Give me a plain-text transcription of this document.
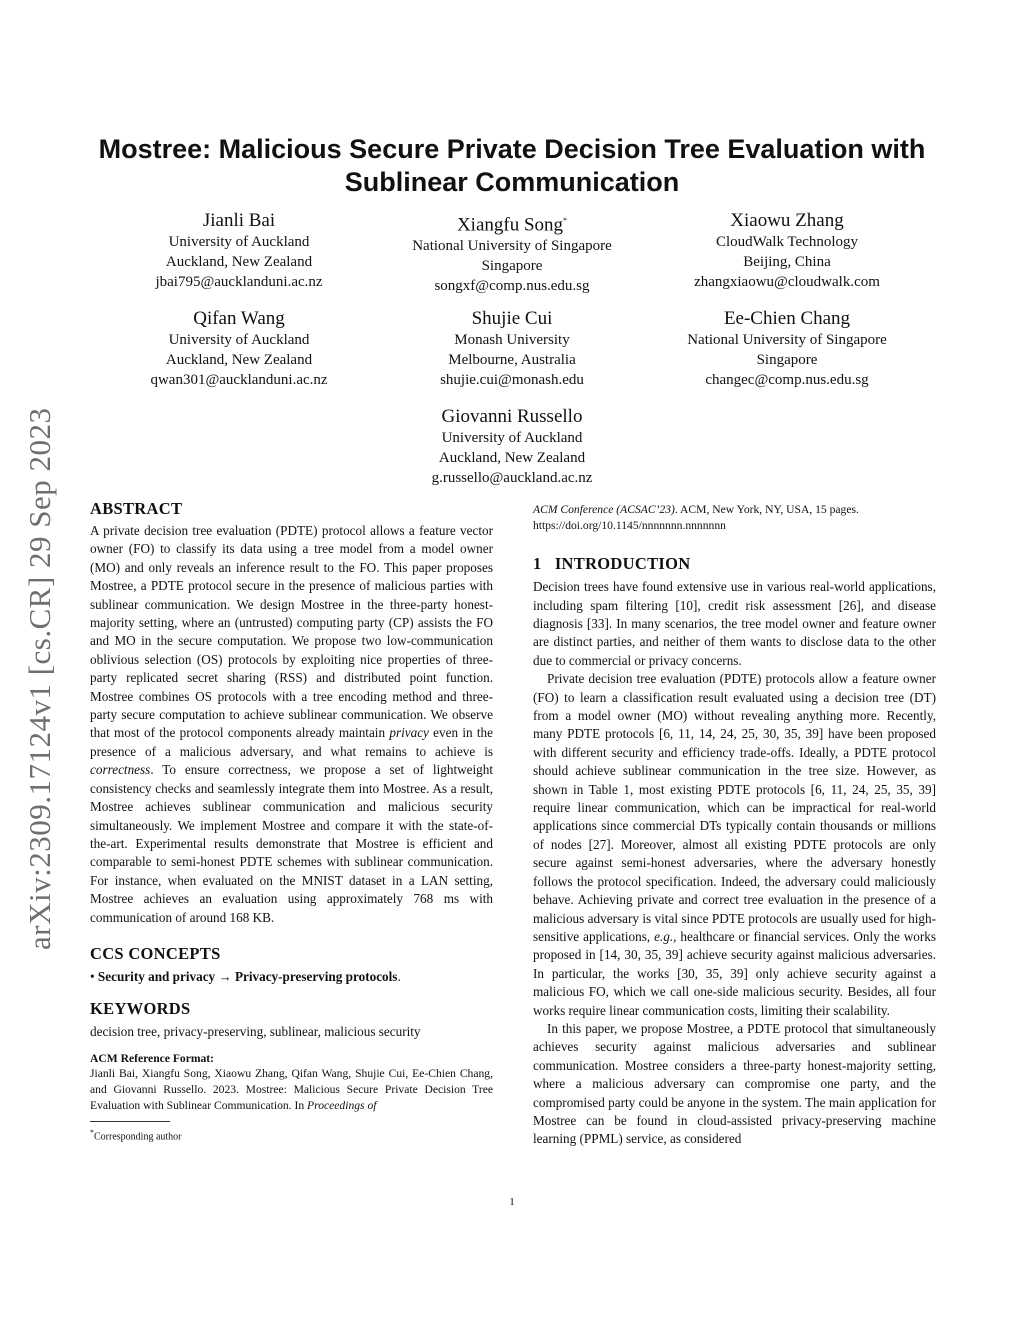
arXiv:2309.17124v1 [cs.CR] 29 Sep 2023
Mostree: Malicious Secure Private Decision Tree Evaluation with Sublinear Communication
Jianli Bai
University of Auckland
Auckland, New Zealand
jbai795@aucklanduni.ac.nz
Xiangfu Song*
National University of Singapore
Singapore
songxf@comp.nus.edu.sg
Xiaowu Zhang
CloudWalk Technology
Beijing, China
zhangxiaowu@cloudwalk.com
Qifan Wang
University of Auckland
Auckland, New Zealand
qwan301@aucklanduni.ac.nz
Shujie Cui
Monash University
Melbourne, Australia
shujie.cui@monash.edu
Ee-Chien Chang
National University of Singapore
Singapore
changec@comp.nus.edu.sg
Giovanni Russello
University of Auckland
Auckland, New Zealand
g.russello@auckland.ac.nz
ABSTRACT

A private decision tree evaluation (PDTE) protocol allows a feature vector owner (FO) to classify its data using a tree model from a model owner (MO) and only reveals an inference result to the FO. This paper proposes Mostree, a PDTE protocol secure in the presence of malicious parties with sublinear communication. We design Mostree in the three-party honest-majority setting, where an (untrusted) computing party (CP) assists the FO and MO in the secure computation. We propose two low-communication oblivious selection (OS) protocols by exploiting nice properties of three-party replicated secret sharing (RSS) and distributed point function. Mostree combines OS protocols with a tree encoding method and three-party secure computation to achieve sublinear communication. We observe that most of the protocol components already maintain privacy even in the presence of a malicious adversary, and what remains to achieve is correctness. To ensure correctness, we propose a set of lightweight consistency checks and seamlessly integrate them into Mostree. As a result, Mostree achieves sublinear communication and malicious security simultaneously. We implement Mostree and compare it with the state-of-the-art. Experimental results demonstrate that Mostree is efficient and comparable to semi-honest PDTE schemes with sublinear communication. For instance, when evaluated on the MNIST dataset in a LAN setting, Mostree achieves an evaluation using approximately 768 ms with communication of around 168 KB.

CCS CONCEPTS

• Security and privacy → Privacy-preserving protocols.

KEYWORDS

decision tree, privacy-preserving, sublinear, malicious security

ACM Reference Format:

Jianli Bai, Xiangfu Song, Xiaowu Zhang, Qifan Wang, Shujie Cui, Ee-Chien Chang, and Giovanni Russello. 2023. Mostree: Malicious Secure Private Decision Tree Evaluation with Sublinear Communication. In Proceedings of

*Corresponding author

ACM Conference (ACSAC’23). ACM, New York, NY, USA, 15 pages. https://doi.org/10.1145/nnnnnnn.nnnnnnn

1   INTRODUCTION

Decision trees have found extensive use in various real-world applications, including spam filtering [10], credit risk assessment [26], and disease diagnosis [33]. In many scenarios, the tree model owner and feature owner are distinct parties, and neither of them wants to disclose data to the other due to commercial or privacy concerns.

Private decision tree evaluation (PDTE) protocols allow a feature owner (FO) to learn a classification result evaluated using a decision tree (DT) from a model owner (MO) without revealing anything more. Recently, many PDTE protocols [6, 11, 14, 24, 25, 30, 35, 39] have been proposed with different security and efficiency trade-offs. Ideally, a PDTE protocol should achieve sublinear communication in the tree size. However, as shown in Table 1, most existing PDTE protocols [6, 11, 24, 25, 35, 39] require linear communication, which can be impractical for real-world applications since commercial DTs typically contain thousands or millions of nodes [27]. Moreover, almost all existing PDTE protocols are only secure against semi-honest adversaries, where the adversary honestly follows the protocol specification. Indeed, the adversary could maliciously behave. Achieving private and correct tree evaluation in the presence of a malicious adversary is vital since PDTE protocols are usually used for high-sensitive applications, e.g., healthcare or financial services. Only the works proposed in [14, 30, 35, 39] achieve security against malicious adversaries. In particular, the works [30, 35, 39] only achieve security against a malicious FO, which we call one-side malicious security. Besides, all four works require linear communication costs, limiting their scalability.

In this paper, we propose Mostree, a PDTE protocol that simultaneously achieves security against malicious adversaries and sublinear communication. Mostree considers a three-party honest-majority setting, where a malicious adversary can compromise one party, and the compromised party could be anyone in the system. The main application for Mostree can be found in cloud-assisted privacy-preserving machine learning (PPML) service, as considered

1
